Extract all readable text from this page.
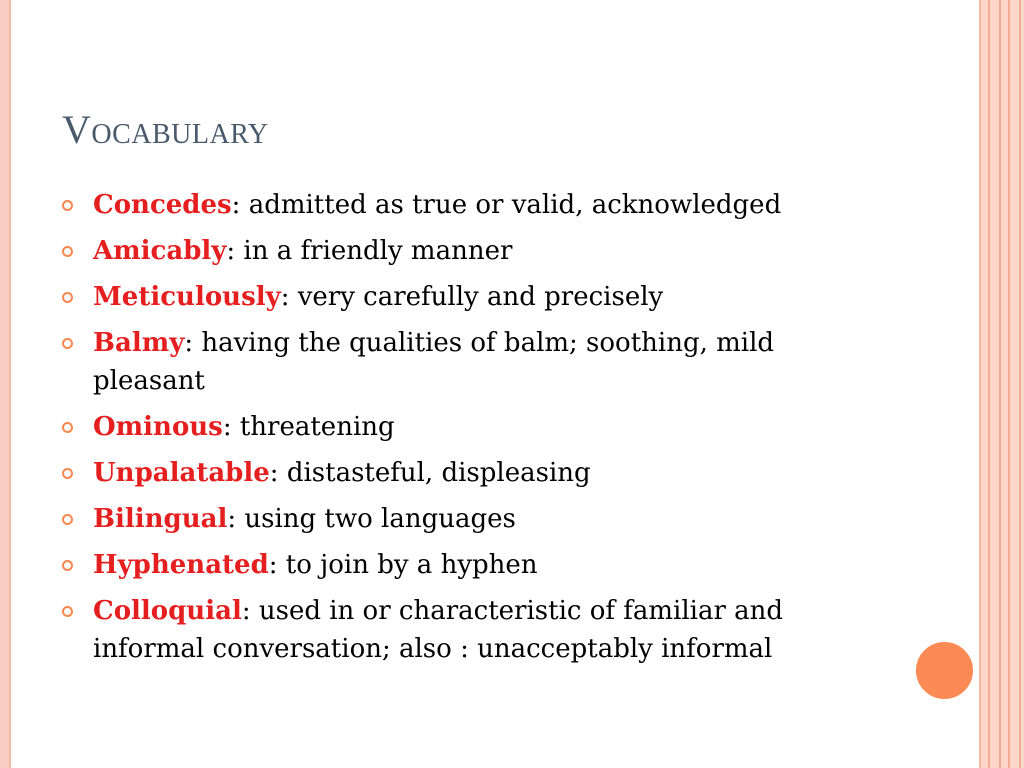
Vocabulary
Concedes: admitted as true or valid, acknowledged
Amicably: in a friendly manner
Meticulously: very carefully and precisely
Balmy: having the qualities of balm; soothing, mild pleasant
Ominous: threatening
Unpalatable: distasteful, displeasing
Bilingual: using two languages
Hyphenated: to join by a hyphen
Colloquial: used in or characteristic of familiar and informal conversation; also : unacceptably informal
